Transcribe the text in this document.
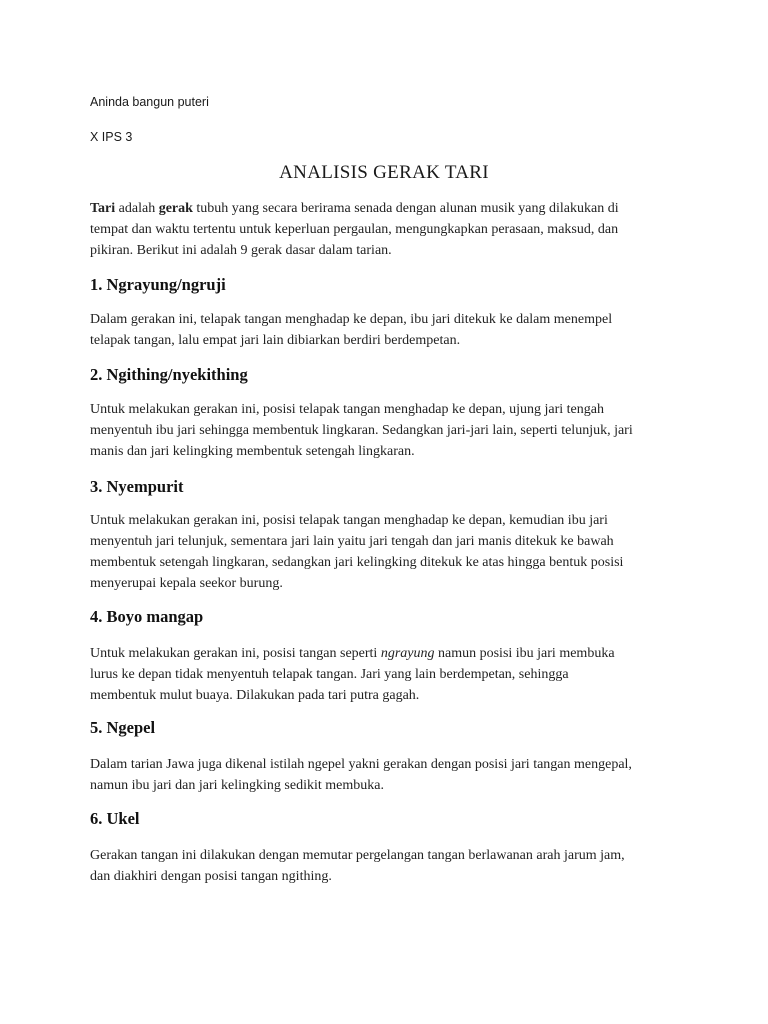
Aninda bangun puteri
X IPS 3
ANALISIS GERAK TARI
Tari adalah gerak tubuh yang secara berirama senada dengan alunan musik yang dilakukan di
tempat dan waktu tertentu untuk keperluan pergaulan, mengungkapkan perasaan, maksud, dan
pikiran. Berikut ini adalah 9 gerak dasar dalam tarian.
1. Ngrayung/ngruji
Dalam gerakan ini, telapak tangan menghadap ke depan, ibu jari ditekuk ke dalam menempel
telapak tangan, lalu empat jari lain dibiarkan berdiri berdempetan.
2. Ngithing/nyekithing
Untuk melakukan gerakan ini, posisi telapak tangan menghadap ke depan, ujung jari tengah
menyentuh ibu jari sehingga membentuk lingkaran. Sedangkan jari-jari lain, seperti telunjuk, jari
manis dan jari kelingking membentuk setengah lingkaran.
3. Nyempurit
Untuk melakukan gerakan ini, posisi telapak tangan menghadap ke depan, kemudian ibu jari
menyentuh jari telunjuk, sementara jari lain yaitu jari tengah dan jari manis ditekuk ke bawah
membentuk setengah lingkaran, sedangkan jari kelingking ditekuk ke atas hingga bentuk posisi
menyerupai kepala seekor burung.
4. Boyo mangap
Untuk melakukan gerakan ini, posisi tangan seperti ngrayung namun posisi ibu jari membuka
lurus ke depan tidak menyentuh telapak tangan. Jari yang lain berdempetan, sehingga
membentuk mulut buaya. Dilakukan pada tari putra gagah.
5. Ngepel
Dalam tarian Jawa juga dikenal istilah ngepel yakni gerakan dengan posisi jari tangan mengepal,
namun ibu jari dan jari kelingking sedikit membuka.
6. Ukel
Gerakan tangan ini dilakukan dengan memutar pergelangan tangan berlawanan arah jarum jam,
dan diakhiri dengan posisi tangan ngithing.
